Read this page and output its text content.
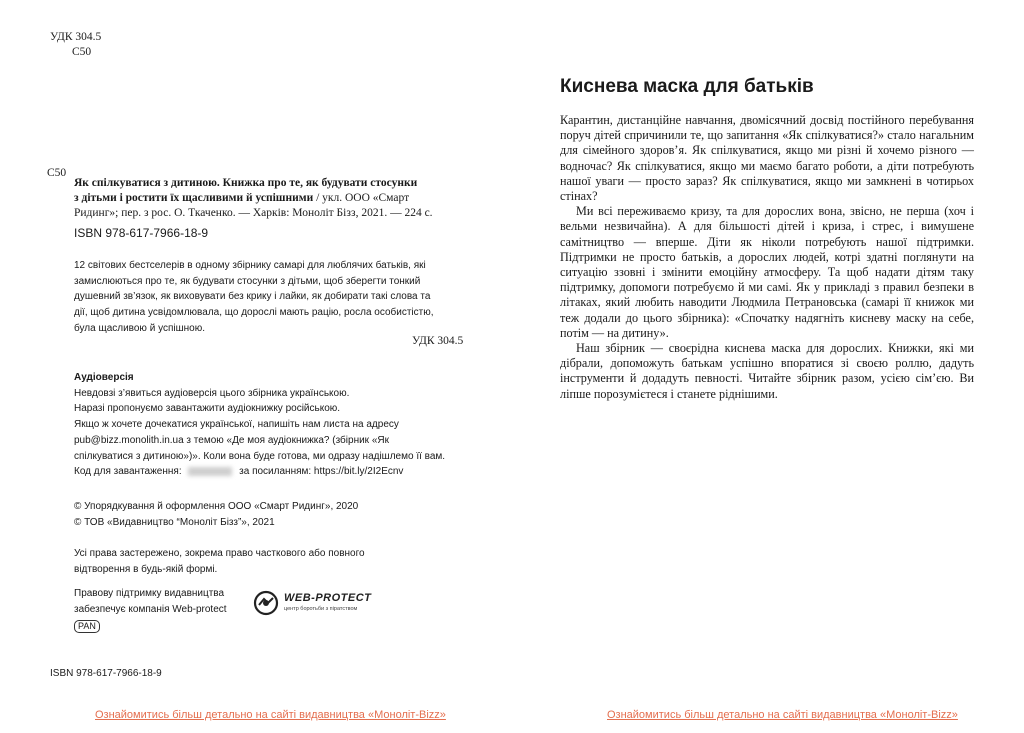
УДК 304.5
С50
С50
Як спілкуватися з дитиною. Книжка про те, як будувати стосунки
з дітьми і ростити їх щасливими й успішними / укл. ООО «Смарт
Ридинг»; пер. з рос. О. Ткаченко. — Харків: Моноліт Бізз, 2021. — 224 с.
ISBN 978-617-7966-18-9
12 світових бестселерів в одному збірнику самарі для люблячих батьків, які
замислюються про те, як будувати стосунки з дітьми, щоб зберегти тонкий
душевний зв’язок, як виховувати без крику і лайки, як добирати такі слова та
дії, щоб дитина усвідомлювала, що дорослі мають рацію, росла особистістю,
була щасливою й успішною.
УДК 304.5
Аудіоверсія
Невдовзі з’явиться аудіоверсія цього збірника українською.
Наразі пропонуємо завантажити аудіокнижку російською.
Якщо ж хочете дочекатися української, напишіть нам листа на адресу
pub@bizz.monolith.in.ua з темою «Де моя аудіокнижка? (збірник «Як
спілкуватися з дитиною»)». Коли вона буде готова, ми одразу надішлемо її вам.
Код для завантаження:	за посиланням: https://bit.ly/2I2Ecnv
© Упорядкування й оформлення ООО «Смарт Ридинг», 2020
© ТОВ «Видавництво “Моноліт Бізз”», 2021
Усі права застережено, зокрема право часткового або повного
відтворення в будь-якій формі.
Правову підтримку видавництва
забезпечує компанія Web-protect
PAN
WEB-PROTECT
центр боротьби з піратством
ISBN 978-617-7966-18-9
Ознайомитись більш детально на сайті видавництва «Моноліт-Bizz»
Киснева маска для батьків

Карантин, дистанційне навчання, двомісячний досвід постійного перебування поруч дітей спричинили те, що запитання «Як спілкуватися?» стало нагальним для сімейного здоров’я. Як спілкуватися, якщо ми різні й хочемо різного — водночас? Як спілкуватися, якщо ми маємо багато роботи, а діти потребують нашої уваги — просто зараз? Як спілкуватися, якщо ми замкнені в чотирьох стінах?

Ми всі переживаємо кризу, та для дорослих вона, звісно, не перша (хоч і вельми незвичайна). А для більшості дітей і криза, і стрес, і вимушене самітництво — вперше. Діти як ніколи потребують нашої підтримки. Підтримки не просто батьків, а дорослих людей, котрі здатні поглянути на ситуацію ззовні і змінити емоційну атмосферу. Та щоб надати дітям таку підтримку, допомоги потребуємо й ми самі. Як у прикладі з правил безпеки в літаках, який любить наводити Людмила Петрановська (самарі її книжок ми теж додали до цього збірника): «Спочатку надягніть кисневу маску на себе, потім — на дитину».

Наш збірник — своєрідна киснева маска для дорослих. Книжки, які ми дібрали, допоможуть батькам успішно впоратися зі своєю роллю, дадуть інструменти й додадуть певності. Читайте збірник разом, усією сім’єю. Ви ліпше порозумієтеся і станете ріднішими.

Ознайомитись більш детально на сайті видавництва «Моноліт-Bizz»
